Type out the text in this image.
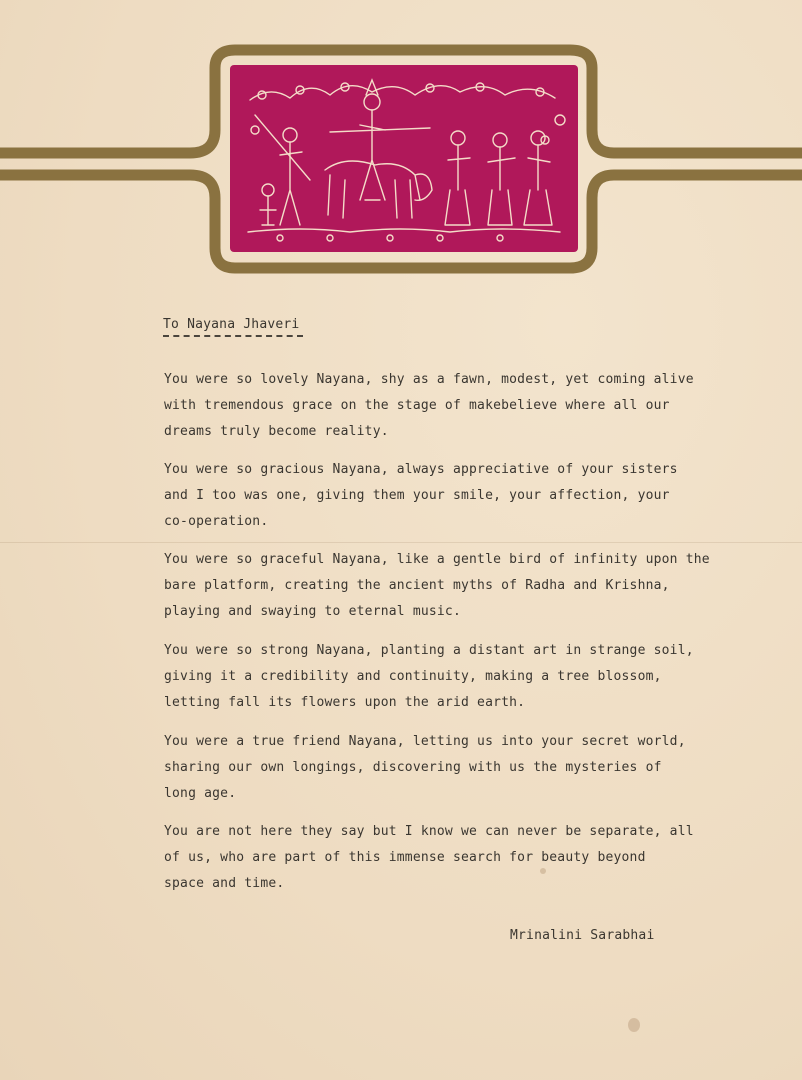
To Nayana Jhaveri

You were so lovely Nayana, shy as a fawn, modest, yet coming alive
with tremendous grace on the stage of makebelieve where all our
dreams truly become reality.

You were so gracious Nayana, always appreciative of your sisters
and I too was one, giving them your smile, your affection, your
co-operation.

You were so graceful Nayana, like a gentle bird of infinity upon the
bare platform, creating the ancient myths of Radha and Krishna,
playing and swaying to eternal music.

You were so strong Nayana, planting a distant art in strange soil,
giving it a credibility and continuity, making a tree blossom,
letting fall its flowers upon the arid earth.

You were a true friend Nayana, letting us into your secret world,
sharing our own longings, discovering with us the mysteries of
long age.

You are not here they say but I know we can never be separate, all
of us, who are part of this immense search for beauty beyond
space and time.

Mrinalini Sarabhai
